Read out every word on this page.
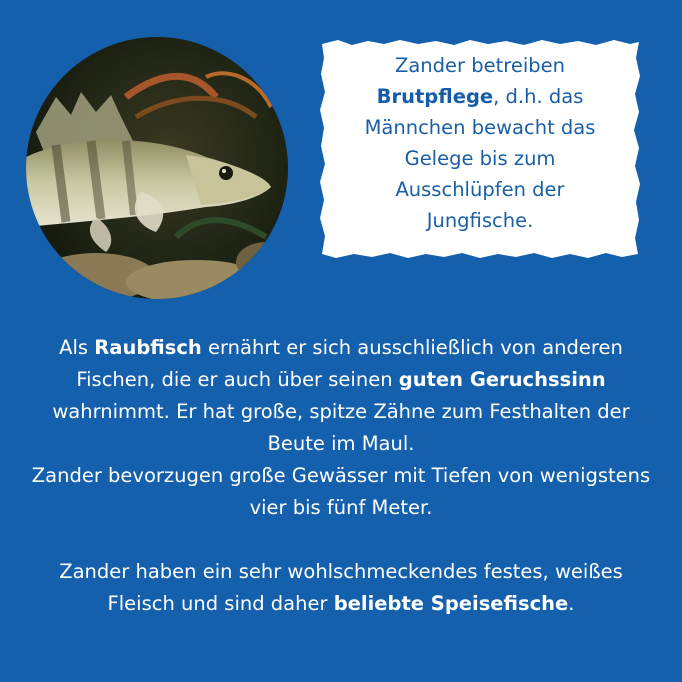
Zander betreiben
Brutpflege, d.h. das
Männchen bewacht das
Gelege bis zum
Ausschlüpfen der
Jungfische.
Als Raubfisch ernährt er sich ausschließlich von anderen Fischen, die er auch über seinen guten Geruchssinn wahrnimmt. Er hat große, spitze Zähne zum Festhalten der Beute im Maul.
Zander bevorzugen große Gewässer mit Tiefen von wenigstens vier bis fünf Meter.
Zander haben ein sehr wohlschmeckendes festes, weißes Fleisch und sind daher beliebte Speisefische.
